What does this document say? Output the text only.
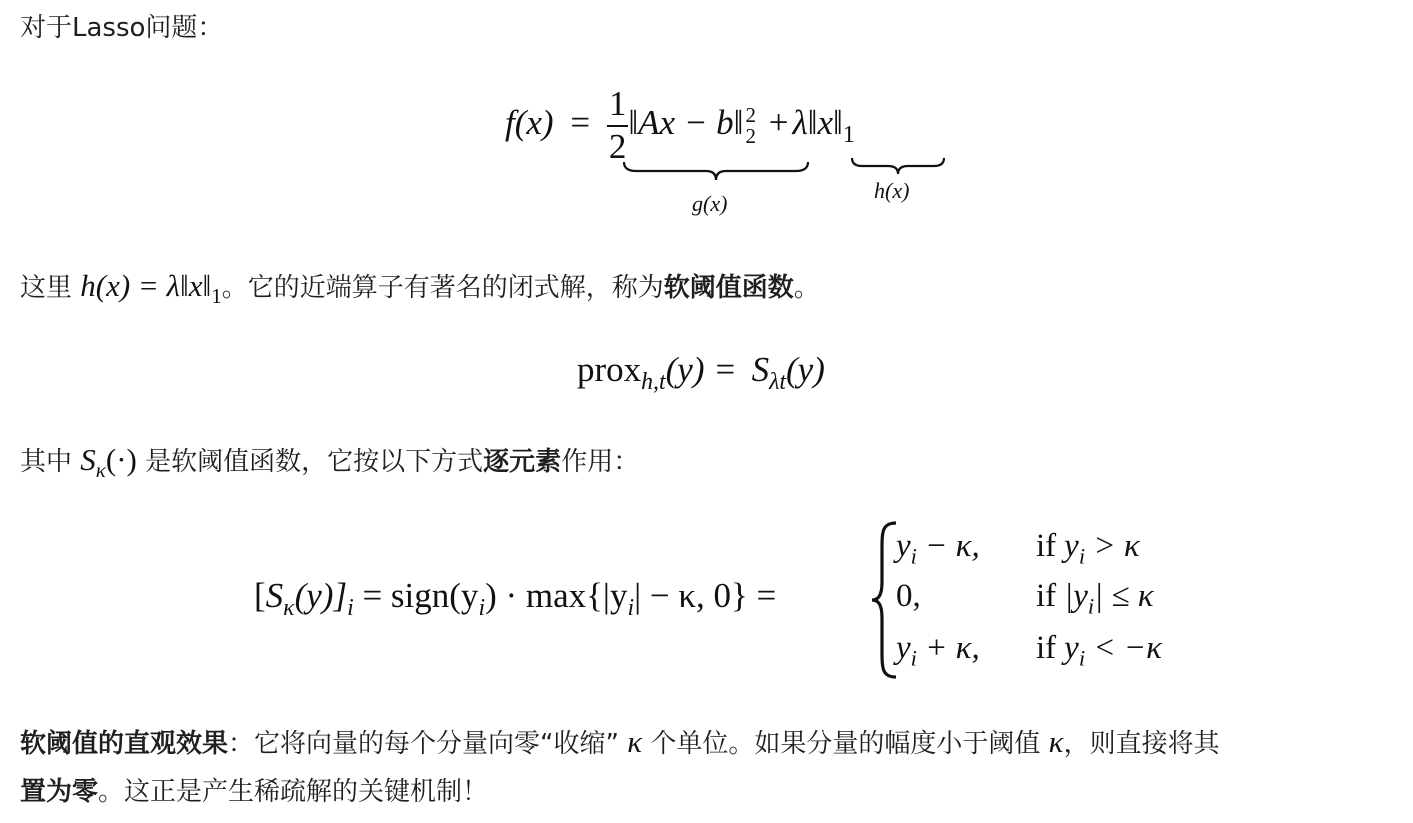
对于Lasso问题：

$f(x) = \frac{1}{2}$ ‖Ax − b‖ 2
$2 + \lambda‖x‖_1$
g(x)
h(x)

这里 $h(x) = \lambda‖x‖_1$。它的近端算子有著名的闭式解，称为软阈值函数。

prox$_{h,t}$(y) = $S_{\lambda t}(y)$

其中 $S_\kappa(\cdot)$ 是软阈值函数，它按以下方式逐元素作用：

$[S_\kappa(y)]_i$ = $sign(y_i) \cdot \max\{|y_i| - \kappa$, 0} =
$y_i - \kappa$, if $y_i > \kappa$
0,	if $|y_i| \le \kappa$
$y_i + \kappa$, if $y_i < -\kappa$

软阈值的直观效果：它将向量的每个分量向零“收缩” κ 个单位。如果分量的幅度小于阈值 κ，则直接将其

置为零。这正是产生稀疏解的关键机制！
